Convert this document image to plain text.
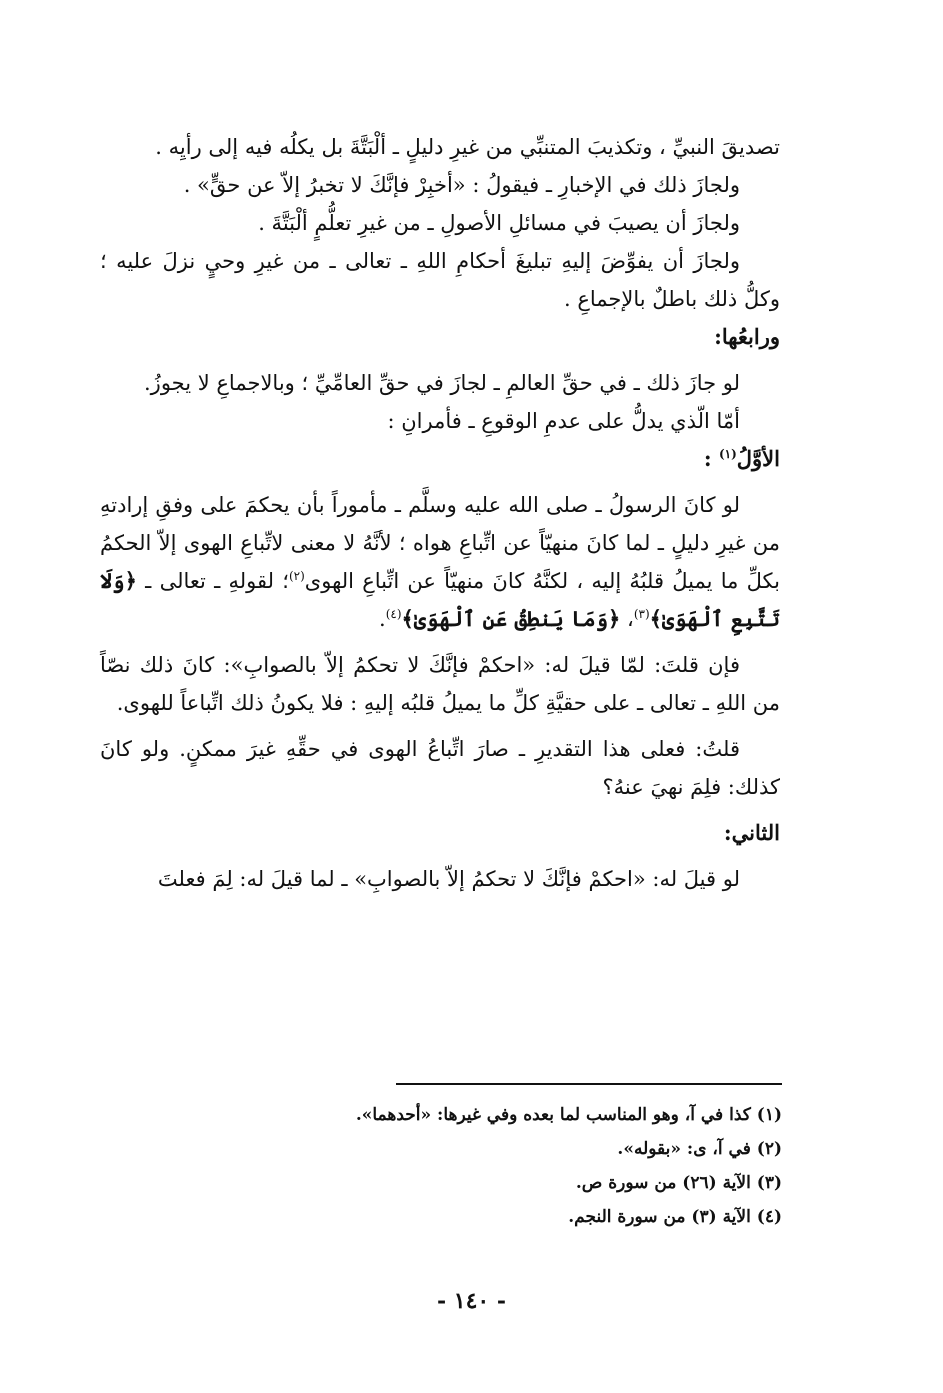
تصديقَ النبيِّ ، وتكذيبَ المتنبِّي من غيرِ دليلٍ ـ ألْبَتَّةَ بل يكلُه فيه إلى رأيِه .

ولجازَ ذلك في الإخبارِ ـ فيقولُ : «أخبِرْ فإنَّكَ لا تخبرُ إلاّ عن حقٍّ» .

ولجازَ أن يصيبَ في مسائلِ الأصولِ ـ من غيرِ تعلُّمٍ ألْبَتَّةَ .

ولجازَ أن يفوِّضَ إليهِ تبليغَ أحكامِ اللهِ ـ تعالى ـ من غيرِ وحيٍ نزلَ عليه ؛ وكلُّ ذلك باطلٌ بالإجماعِ .

ورابعُها:

لو جازَ ذلك ـ في حقِّ العالمِ ـ لجازَ في حقِّ العامِّيِّ ؛ وبالاجماعِ لا يجوزُ.

أمّا الّذي يدلُّ على عدمِ الوقوعِ ـ فأمرانِ :

الأوَّلُ$^{(١)}$ :

لو كانَ الرسولُ ـ صلى الله عليه وسلَّم ـ مأموراً بأن يحكمَ على وفقِ إرادتهِ من غيرِ دليلٍ ـ لما كانَ منهيّاً عن اتِّباعِ هواه ؛ لأنَّهُ لا معنى لاتِّباعِ الهوى إلاّ الحكمُ بكلِّ ما يميلُ قلبُهُ إليه ، لكنَّهُ كانَ منهيّاً عن اتِّباعِ الهوى$^{(٢)}$؛ لقولهِ ـ تعالى ـ ﴿وَلَا تَتَّبِعِ ٱلْهَوَىٰ﴾$^{(٣)}$، ﴿وَمَا يَنطِقُ عَنِ ٱلْهَوَىٰ﴾$^{(٤)}$.

فإن قلتَ: لمّا قيلَ له: «احكمْ فإنَّكَ لا تحكمُ إلاّ بالصوابِ»: كانَ ذلك نصّاً من اللهِ ـ تعالى ـ على حقيَّةِ كلِّ ما يميلُ قلبُه إليهِ : فلا يكونُ ذلك اتِّباعاً للهوى.

قلتُ: فعلى هذا التقديرِ ـ صارَ اتِّباعُ الهوى في حقِّهِ غيرَ ممكنٍ. ولو كانَ كذلك: فلِمَ نهيَ عنهُ؟

الثاني:

لو قيلَ له: «احكمْ فإنَّكَ لا تحكمُ إلاّ بالصوابِ» ـ لما قيلَ له: لِمَ فعلتَ

(١) كذا في آ، وهو المناسب لما بعده وفي غيرها: «أحدهما».

(٢) في آ، ى: «بقوله».

(٣) الآية (٢٦) من سورة ص.

(٤) الآية (٣) من سورة النجم.

- ١٤٠ -
